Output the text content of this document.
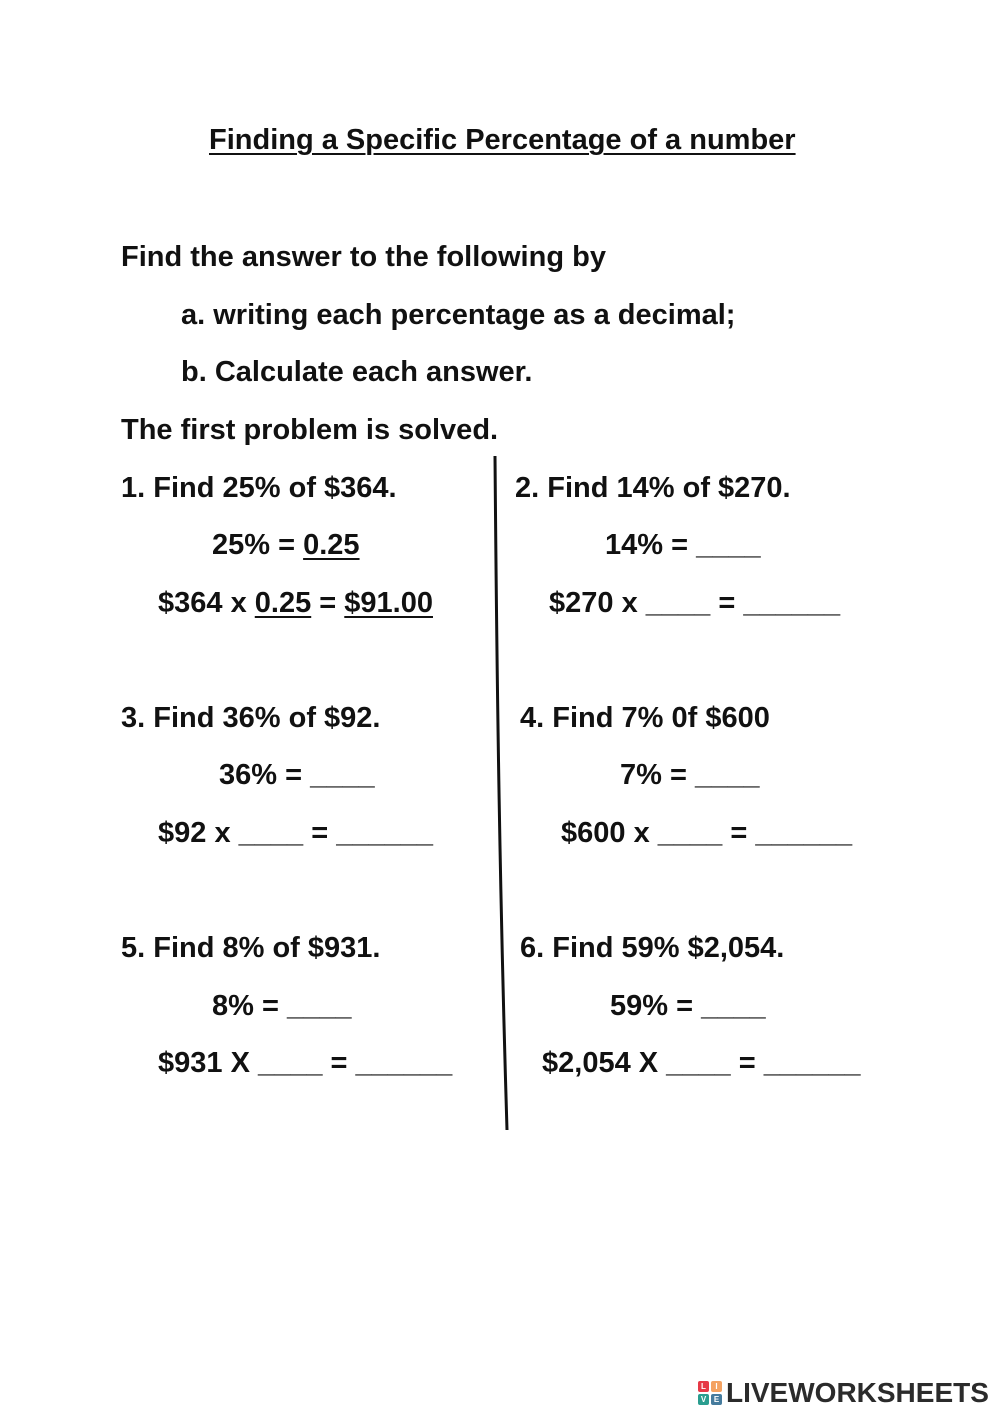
Finding a Specific Percentage of a number
Find the answer to the following by
a. writing each percentage as a decimal;
b. Calculate each answer.
The first problem is solved.
1. Find 25% of $364.
25% = 0.25
$364 x 0.25 = $91.00
2. Find 14% of $270.
14% = ____
$270 x ____ = ______
3. Find 36% of $92.
36% = ____
$92 x ____ = ______
4. Find 7% 0f $600
7% = ____
$600 x ____ = ______
5. Find 8% of $931.
8% = ____
$931 X ____ = ______
6. Find 59% $2,054.
59% = ____
$2,054 X ____ = ______
L	I
V E LIVEWORKSHEETS
